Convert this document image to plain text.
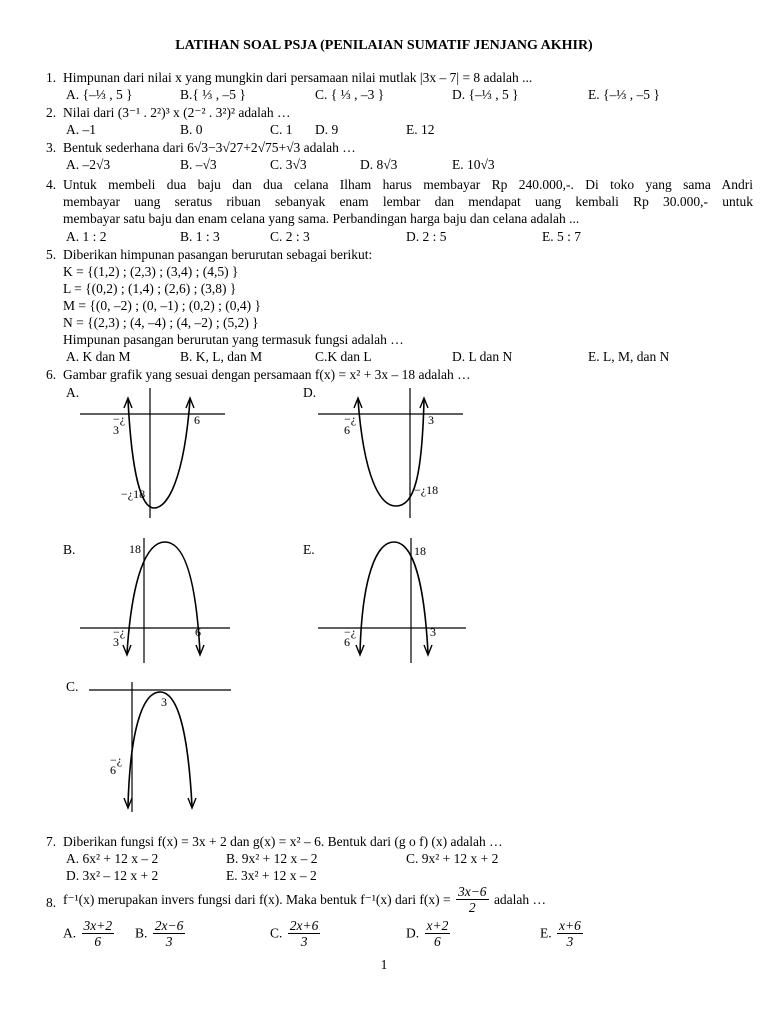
LATIHAN SOAL PSJA (PENILAIAN SUMATIF JENJANG AKHIR)
1. Himpunan dari nilai x yang mungkin dari persamaan nilai mutlak |3x – 7| = 8 adalah ...
A. {–⅓ , 5 }	B.{ ⅓ , –5 }	C. { ⅓ , –3 }	D. {–⅓ , 5 }	E. {–⅓ , –5 }
2. Nilai dari (3⁻¹ . 2²)³ x (2⁻² . 3²)² adalah …
A. –1	B. 0	C. 1 D. 9	E. 12
3. Bentuk sederhana dari 6√3−3√27+2√75+√3 adalah …
A. –2√3	B. –√3	C. 3√3	D. 8√3	E. 10√3
4. Untuk membeli dua baju dan dua celana Ilham harus membayar Rp 240.000,-. Di toko yang sama Andri
membayar uang seratus ribuan sebanyak enam lembar dan mendapat uang kembali Rp 30.000,- untuk
membayar satu baju dan enam celana yang sama. Perbandingan harga baju dan celana adalah ...
A. 1 : 2	B. 1 : 3	C. 2 : 3	D. 2 : 5	E. 5 : 7
5. Diberikan himpunan pasangan berurutan sebagai berikut:
K = {(1,2) ; (2,3) ; (3,4) ; (4,5) }
L = {(0,2) ; (1,4) ; (2,6) ; (3,8) }
M = {(0, –2) ; (0, –1) ; (0,2) ; (0,4) }
N = {(2,3) ; (4, –4) ; (4, –2) ; (5,2) }
Himpunan pasangan berurutan yang termasuk fungsi adalah …
A. K dan M	B. K, L, dan M	C.K dan L	D. L dan N	E. L, M, dan N
6. Gambar grafik yang sesuai dengan persamaan f(x) = x² + 3x – 18 adalah …
A.	D.
B.	E.
C.
−¿
3
6
−¿18
−¿
6
3
−¿18
18
−¿
3
6
18
−¿
6
3
3
−¿
6
7. Diberikan fungsi f(x) = 3x + 2 dan g(x) = x² – 6. Bentuk dari (g o f) (x) adalah …
A. 6x² + 12 x – 2	B. 9x² + 12 x – 2	C. 9x² + 12 x + 2
D. 3x² – 12 x + 2	E. 3x² + 12 x – 2
8. f⁻¹(x) merupakan invers fungsi dari f(x). Maka bentuk f⁻¹(x) dari $f(x) = \frac{3x-6}{2}$ adalah …
A. $\frac{3x+2}{6} B$. $\frac{2x-6}{3}$	C. $\frac{2x+6}{3}$	D. $\frac{x+2}{6}$	E. $\frac{x+6}{3}$
1
